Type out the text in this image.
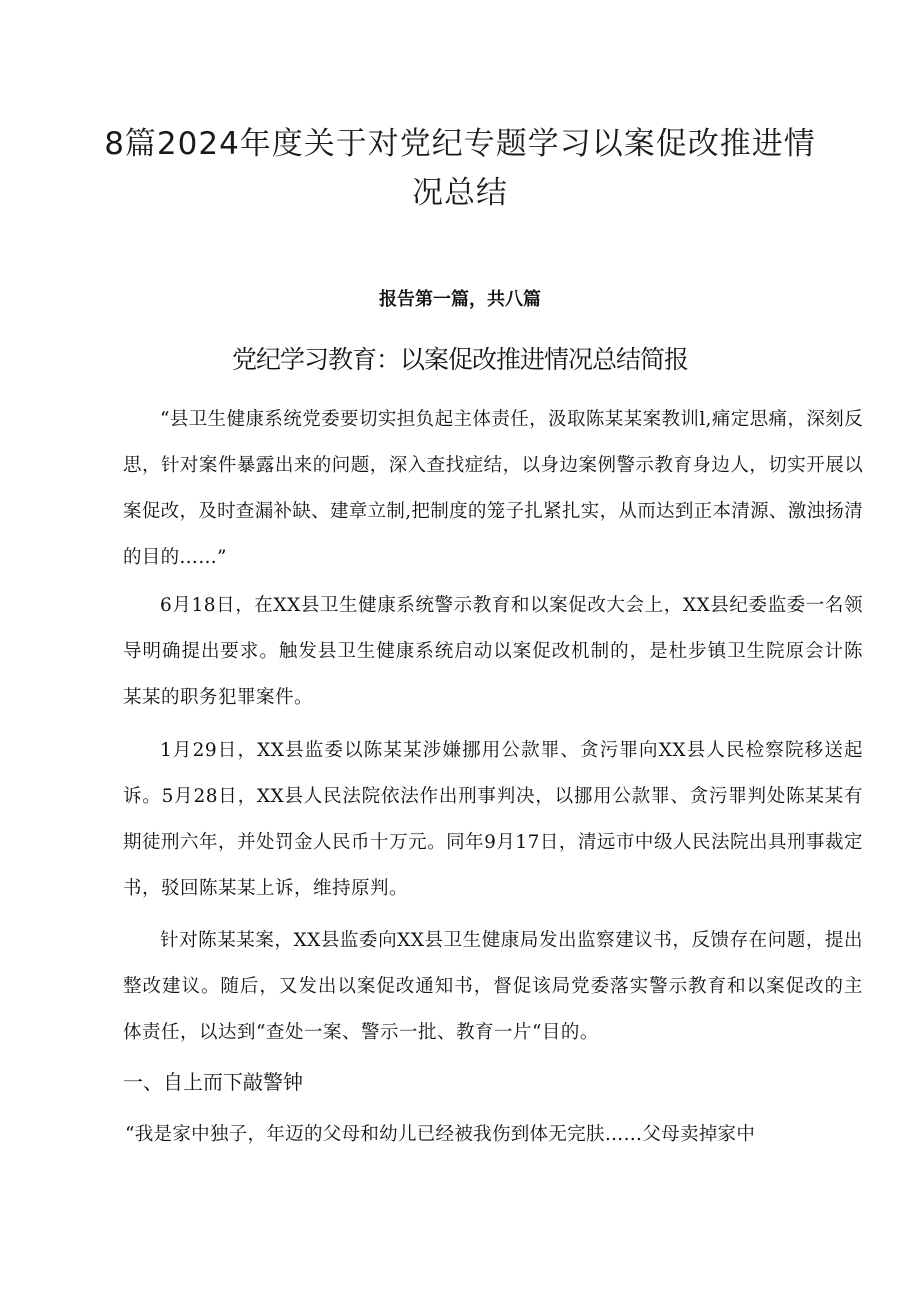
8篇2024年度关于对党纪专题学习以案促改推进情
况总结
报告第一篇，共八篇
党纪学习教育：以案促改推进情况总结简报

“县卫生健康系统党委要切实担负起主体责任，汲取陈某某案教训l,痛定思痛，深刻反思，针对案件暴露出来的问题，深入查找症结，以身边案例警示教育身边人，切实开展以案促改，及时查漏补缺、建章立制,把制度的笼子扎紧扎实，从而达到正本清源、激浊扬清的目的……”

6月18日，在XX县卫生健康系统警示教育和以案促改大会上，XX县纪委监委一名领导明确提出要求。触发县卫生健康系统启动以案促改机制的，是杜步镇卫生院原会计陈某某的职务犯罪案件。

1月29日，XX县监委以陈某某涉嫌挪用公款罪、贪污罪向XX县人民检察院移送起诉。5月28日，XX县人民法院依法作出刑事判决，以挪用公款罪、贪污罪判处陈某某有期徒刑六年，并处罚金人民币十万元。同年9月17日，清远市中级人民法院出具刑事裁定书，驳回陈某某上诉，维持原判。

针对陈某某案，XX县监委向XX县卫生健康局发出监察建议书，反馈存在问题，提出整改建议。随后，又发出以案促改通知书，督促该局党委落实警示教育和以案促改的主体责任，以达到“查处一案、警示一批、教育一片“目的。

一、自上而下敲警钟

“我是家中独子，年迈的父母和幼儿已经被我伤到体无完肤……父母卖掉家中
